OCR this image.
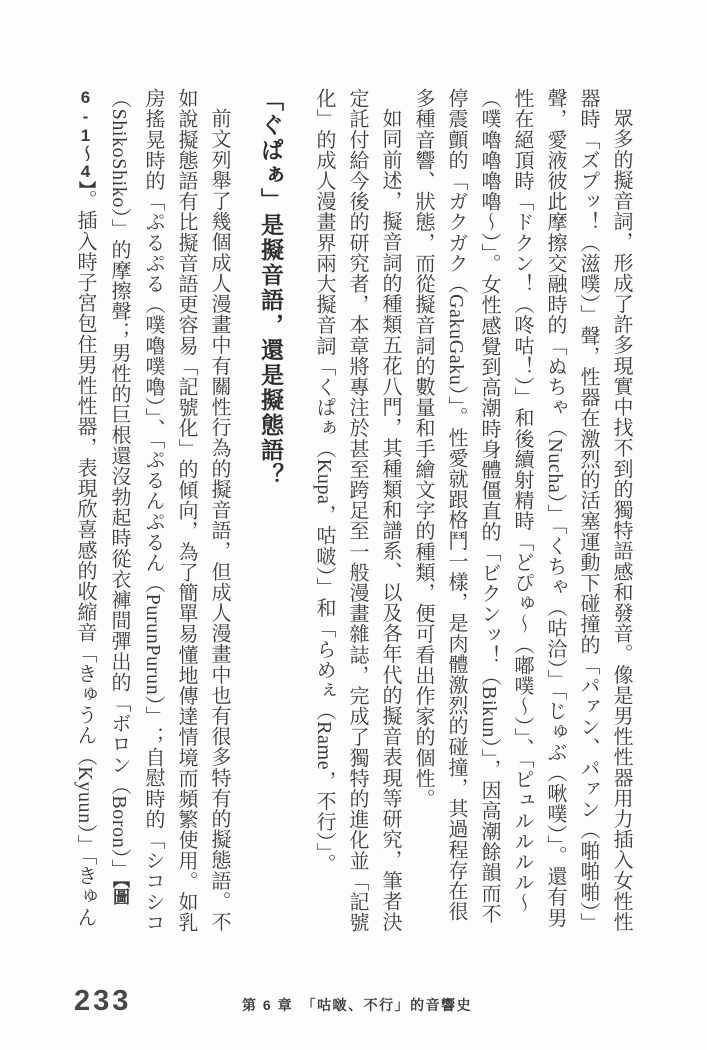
眾多的擬音詞，形成了許多現實中找不到的獨特語感和發音。像是男性性器用力插入女性性器時「ズプッ！（滋噗）」聲，性器在激烈的活塞運動下碰撞的「パァン、パァン（啪啪啪）」聲，愛液彼此摩擦交融時的「ぬちゃ（Nucha）」「くちゃ（咕洽）」「じゅぶ（啾噗）」。還有男性在絕頂時「ドクン！（咚咕！）」和後續射精時「どぴゅ～（嘟噗～）」、「ピュルルルル～（噗嚕嚕嚕嚕～）」。女性感覺到高潮時身體僵直的「ビクンッ！（Bikun）」，因高潮餘韻而不停震顫的「ガクガク（GakuGaku）」。性愛就跟格鬥一樣，是肉體激烈的碰撞，其過程存在很多種音響、狀態，而從擬音詞的數量和手繪文字的種類，便可看出作家的個性。

如同前述，擬音詞的種類五花八門，其種類和譜系、以及各年代的擬音表現等研究，筆者決定託付給今後的研究者，本章將專注於甚至跨足至一般漫畫雜誌，完成了獨特的進化並「記號化」的成人漫畫界兩大擬音詞「くぱぁ（Kupa，咕啵）」和「らめぇ（Rame，不行）」。

「ぐぱぁ」是擬音語，還是擬態語？

前文列舉了幾個成人漫畫中有關性行為的擬音語，但成人漫畫中也有很多特有的擬態語。不如說擬態語有比擬音語更容易「記號化」的傾向，為了簡單易懂地傳達情境而頻繁使用。如乳房搖晃時的「ぷるぷる（噗嚕噗嚕）」、「ぷるんぷるん（PurunPurun）」；自慰時的「シコシコ（ShikoShiko）」的摩擦聲；男性的巨根還沒勃起時從衣褲間彈出的「ボロン（Boron）」【圖6-1～4】。插入時子宮包住男性性器，表現欣喜感的收縮音「きゅうん（Kyuun）」「きゅん

233	第 6 章　「咕啵、不行」的音響史
